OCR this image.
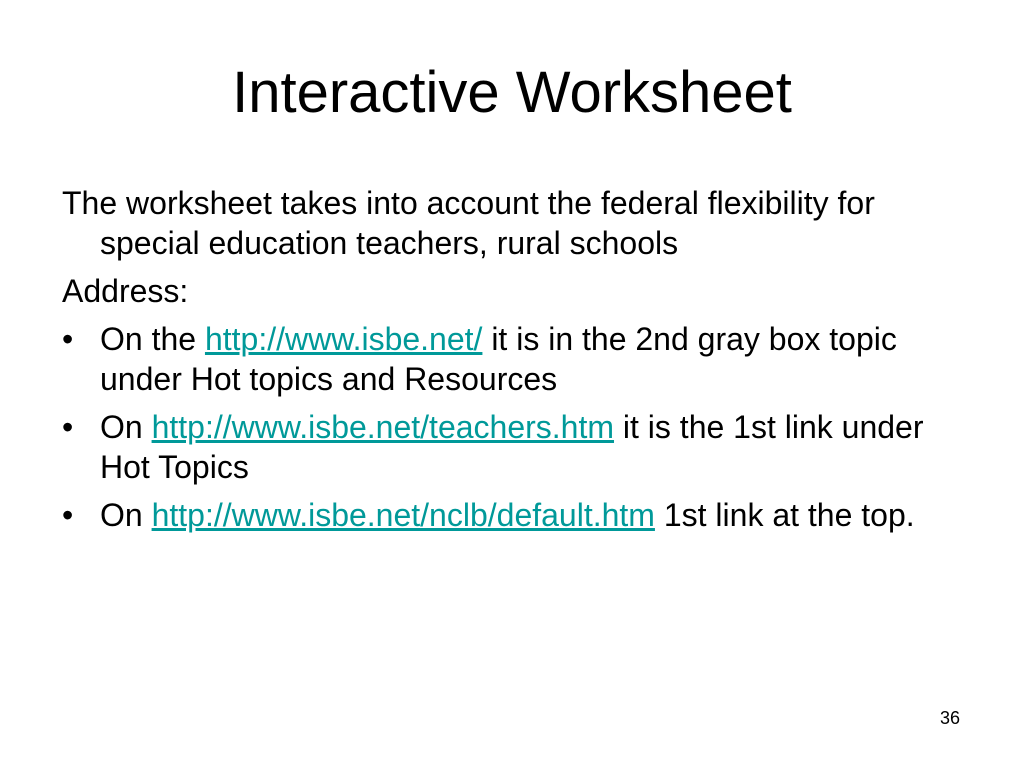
Interactive Worksheet

The worksheet takes into account the federal flexibility for special education teachers, rural schools

Address:

• On the http://www.isbe.net/ it is in the 2nd gray box topic under Hot topics and Resources
• On http://www.isbe.net/teachers.htm it is the 1st link under Hot Topics
• On http://www.isbe.net/nclb/default.htm 1st link at the top.
36
